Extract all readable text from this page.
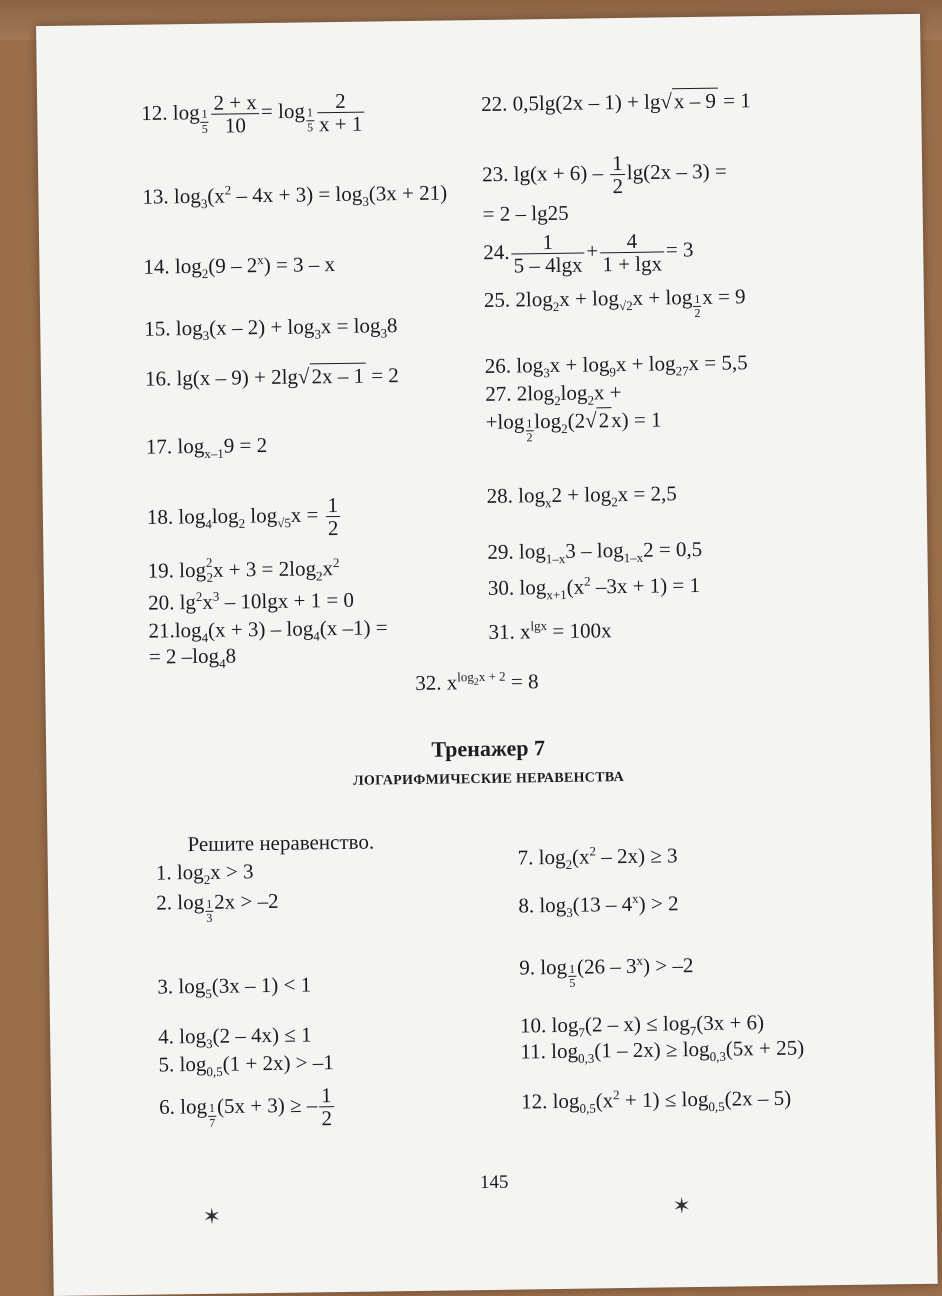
12. $\log \frac{1}{5} \frac{2 + x}{10} = \log \frac{1}{5} \frac{2}{x + 1}$
13. $\log_3(x^2 - 4x + 3) = \log_3(3x + 21)$
14. $\log_2(9 - 2^x) = 3 - x$
15. $\log_3(x - 2) + \log_3x = \log_38$
16. lg(x – 9) + 2lg√2x – 1 = 2
17. $\log_{x-1}9 = 2$
18. $\log_4\log_2$ $\log_{√5}x = \frac{1}{2}$
19. $\log^2_2x + 3 = 2\log_2x^2$
20. $\lg^2x^3 - 10\lg x + 1 = 0$
$21.\log_4(x + 3) - \log_4(x$ –1) =
= 2 $-\log_48$
22. 0,5lg(2x – 1) + lg√x – 9 = 1
23. $\lg(x + 6) - \frac{1}{2} \lg(2x - 3)$ =
= 2 – lg25
24. $\frac{1}{5 - 4\lg x} + \frac{4}{1 + \lg x} = 3$
25. $2\log_2x + \log_{√2}x + \log \frac{1}{2}$ x = 9
26. $\log_3x + \log_9x + \log_{27}x = 5,5$
27. $2\log_2\log_2x$ +
$+\log \frac{1}{2} \log_2(2√2x) = 1$
28. $\log_x2 + \log_2x = 2,5$
29. $\log_{1-x}3 - \log_{1-x}2 = 0,5$
30. $\log_{x+1}(x^2$ –3x + 1) = 1
31. $x^{lgx} = 100x$
32. $x^{log_2x + 2} = 8$
Тренажер 7
ЛОГАРИФМИЧЕСКИЕ НЕРАВЕНСТВА
Решите неравенство.
1. $\log_2x > 3$
2. $\log \frac{1}{3} 2x > -2$
3. $\log_5(3x - 1) < 1$
4. $\log_3(2 - 4x) \le 1$
5. $\log_{0,5}(1 + 2x) > -1$
6. $\log \frac{1}{7} (5x + 3)$ ≥ – $\frac{1}{2}$
7. $\log_2(x^2 - 2x) \ge 3$
8. $\log_3(13 - 4^x) > 2$
9. $\log \frac{1}{5} (26 - 3^x) > -2$
10. $\log_7(2 - x) \le \log_7(3x + 6)$
11. $\log_{0,3}(1 - 2x) \ge \log_{0,3}(5x + 25)$
12. $\log_{0,5}(x^2 + 1) \le \log_{0,5}(2x - 5)$
145
✶	✶
